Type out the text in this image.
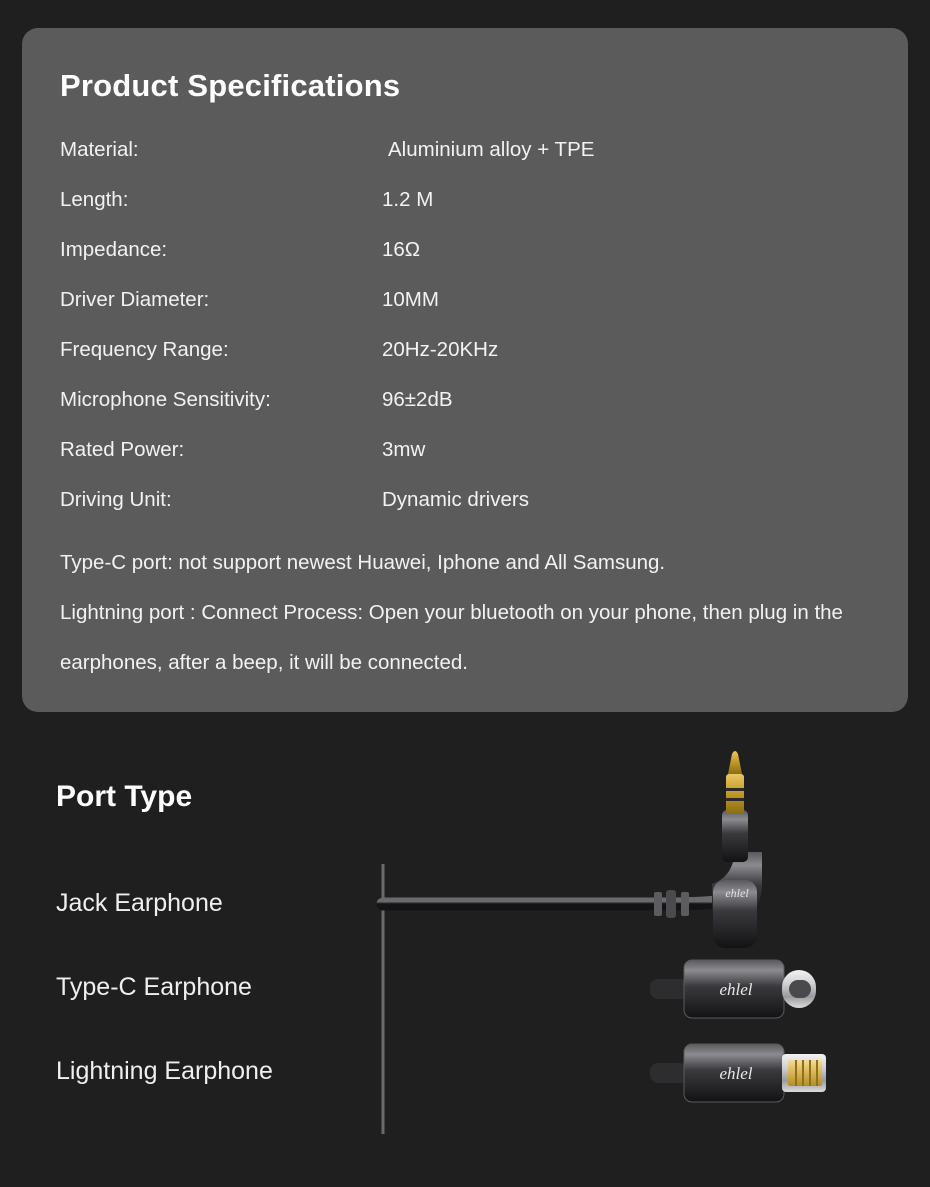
Product Specifications
Material:	Aluminium alloy + TPE
Length:	1.2 M
Impedance:	16Ω
Driver Diameter:	10MM
Frequency Range:	20Hz-20KHz
Microphone Sensitivity:	96±2dB
Rated Power:	3mw
Driving Unit:	Dynamic drivers
Type-C port: not support newest Huawei, Iphone and All Samsung.
Lightning port : Connect Process: Open your bluetooth on your phone, then plug in the earphones, after a beep, it will be connected.
Port Type
Jack Earphone
Type-C Earphone
Lightning Earphone
ehlel
ehlel
ehlel
